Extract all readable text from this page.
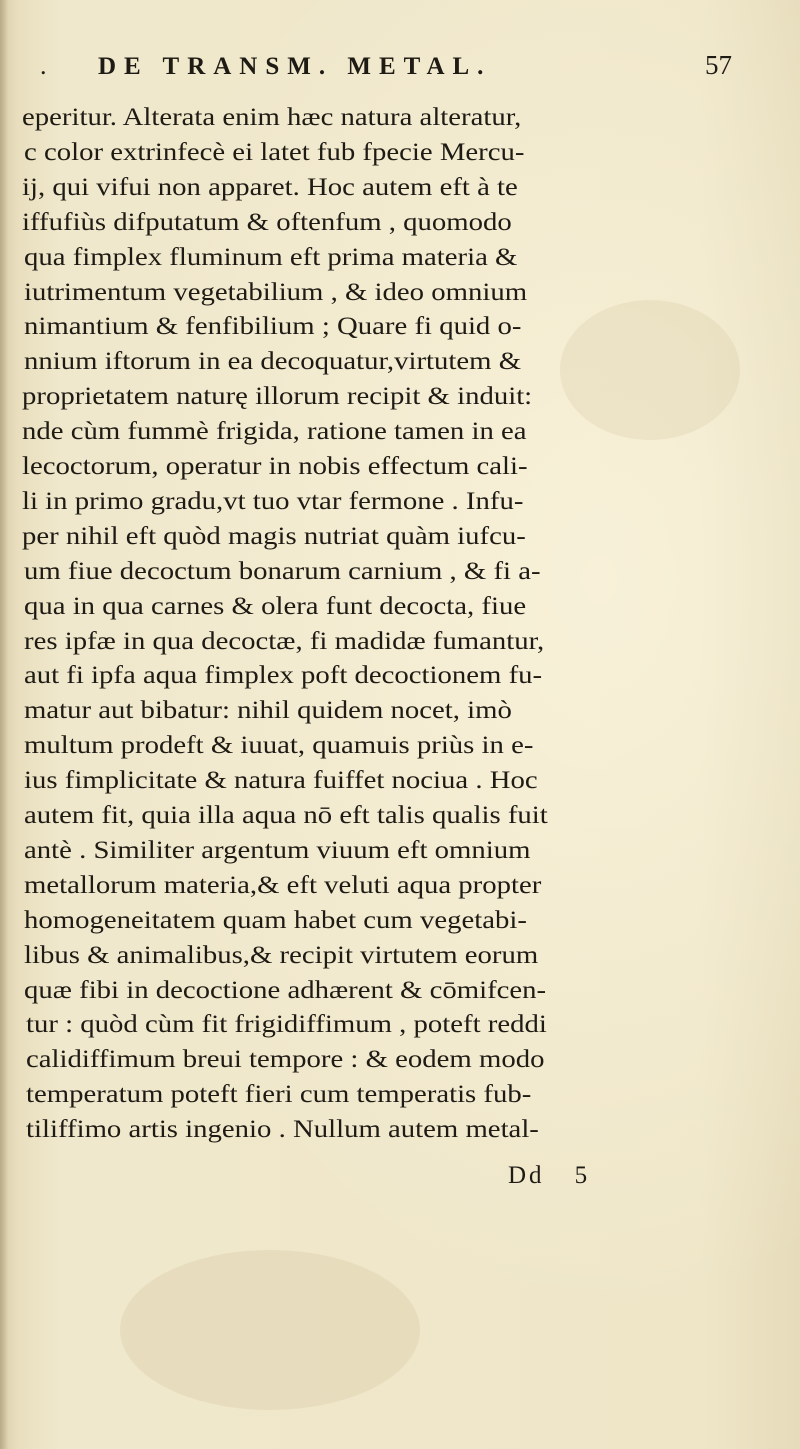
.	DE TRANSM. METAL.	57
eperitur. Alterata enim hæc natura alteratur,
c color extrinfecè ei latet fub fpecie Mercu-
ij, qui vifui non apparet. Hoc autem eft à te
iffufiùs difputatum & oftenfum , quomodo
qua fimplex fluminum eft prima materia &
iutrimentum vegetabilium , & ideo omnium
nimantium & fenfibilium ; Quare fi quid o-
nnium iftorum in ea decoquatur,virtutem &
proprietatem naturę illorum recipit & induit:
nde cùm fummè frigida, ratione tamen in ea
lecoctorum, operatur in nobis effectum cali-
li in primo gradu,vt tuo vtar fermone . Infu-
per nihil eft quòd magis nutriat quàm iufcu-
um fiue decoctum bonarum carnium , & fi a-
qua in qua carnes & olera funt decocta, fiue
res ipfæ in qua decoctæ, fi madidæ fumantur,
aut fi ipfa aqua fimplex poft decoctionem fu-
matur aut bibatur: nihil quidem nocet, imò
multum prodeft & iuuat, quamuis priùs in e-
ius fimplicitate & natura fuiffet nociua . Hoc
autem fit, quia illa aqua nō eft talis qualis fuit
antè . Similiter argentum viuum eft omnium
metallorum materia,& eft veluti aqua propter
homogeneitatem quam habet cum vegetabi-
libus & animalibus,& recipit virtutem eorum
quæ fibi in decoctione adhærent & cōmifcen-
tur : quòd cùm fit frigidiffimum , poteft reddi
calidiffimum breui tempore : & eodem modo
temperatum poteft fieri cum temperatis fub-
tiliffimo artis ingenio . Nullum autem metal-
Dd 5
